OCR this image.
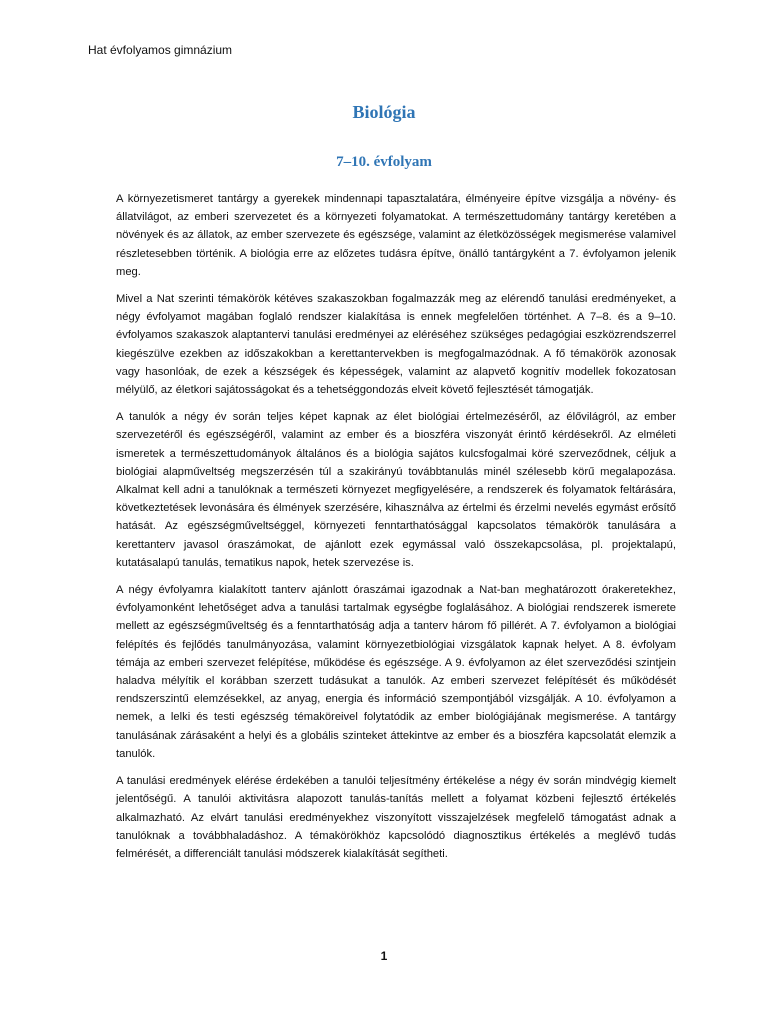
Hat évfolyamos gimnázium
Biológia
7–10. évfolyam

A környezetismeret tantárgy a gyerekek mindennapi tapasztalatára, élményeire építve vizsgálja a növény- és állatvilágot, az emberi szervezetet és a környezeti folyamatokat. A természettudomány tantárgy keretében a növények és az állatok, az ember szervezete és egészsége, valamint az életközösségek megismerése valamivel részletesebben történik. A biológia erre az előzetes tudásra építve, önálló tantárgyként a 7. évfolyamon jelenik meg.

Mivel a Nat szerinti témakörök kétéves szakaszokban fogalmazzák meg az elérendő tanulási eredményeket, a négy évfolyamot magában foglaló rendszer kialakítása is ennek megfelelően történhet. A 7–8. és a 9–10. évfolyamos szakaszok alaptantervi tanulási eredményei az eléréséhez szükséges pedagógiai eszközrendszerrel kiegészülve ezekben az időszakokban a kerettantervekben is megfogalmazódnak. A fő témakörök azonosak vagy hasonlóak, de ezek a készségek és képességek, valamint az alapvető kognitív modellek fokozatosan mélyülő, az életkori sajátosságokat és a tehetséggondozás elveit követő fejlesztését támogatják.

A tanulók a négy év során teljes képet kapnak az élet biológiai értelmezéséről, az élővilágról, az ember szervezetéről és egészségéről, valamint az ember és a bioszféra viszonyát érintő kérdésekről. Az elméleti ismeretek a természettudományok általános és a biológia sajátos kulcsfogalmai köré szerveződnek, céljuk a biológiai alapműveltség megszerzésén túl a szakirányú továbbtanulás minél szélesebb körű megalapozása. Alkalmat kell adni a tanulóknak a természeti környezet megfigyelésére, a rendszerek és folyamatok feltárására, következtetések levonására és élmények szerzésére, kihasználva az értelmi és érzelmi nevelés egymást erősítő hatását. Az egészségműveltséggel, környezeti fenntarthatósággal kapcsolatos témakörök tanulására a kerettanterv javasol óraszámokat, de ajánlott ezek egymással való összekapcsolása, pl. projektalapú, kutatásalapú tanulás, tematikus napok, hetek szervezése is.

A négy évfolyamra kialakított tanterv ajánlott óraszámai igazodnak a Nat-ban meghatározott órakeretekhez, évfolyamonként lehetőséget adva a tanulási tartalmak egységbe foglalásához. A biológiai rendszerek ismerete mellett az egészségműveltség és a fenntarthatóság adja a tanterv három fő pillérét. A 7. évfolyamon a biológiai felépítés és fejlődés tanulmányozása, valamint környezetbiológiai vizsgálatok kapnak helyet. A 8. évfolyam témája az emberi szervezet felépítése, működése és egészsége. A 9. évfolyamon az élet szerveződési szintjein haladva mélyítik el korábban szerzett tudásukat a tanulók. Az emberi szervezet felépítését és működését rendszerszintű elemzésekkel, az anyag, energia és információ szempontjából vizsgálják. A 10. évfolyamon a nemek, a lelki és testi egészség témaköreivel folytatódik az ember biológiájának megismerése. A tantárgy tanulásának zárásaként a helyi és a globális szinteket áttekintve az ember és a bioszféra kapcsolatát elemzik a tanulók.

A tanulási eredmények elérése érdekében a tanulói teljesítmény értékelése a négy év során mindvégig kiemelt jelentőségű. A tanulói aktivitásra alapozott tanulás-tanítás mellett a folyamat közbeni fejlesztő értékelés alkalmazható. Az elvárt tanulási eredményekhez viszonyított visszajelzések megfelelő támogatást adnak a tanulóknak a továbbhaladáshoz. A témakörökhöz kapcsolódó diagnosztikus értékelés a meglévő tudás felmérését, a differenciált tanulási módszerek kialakítását segítheti.

1
